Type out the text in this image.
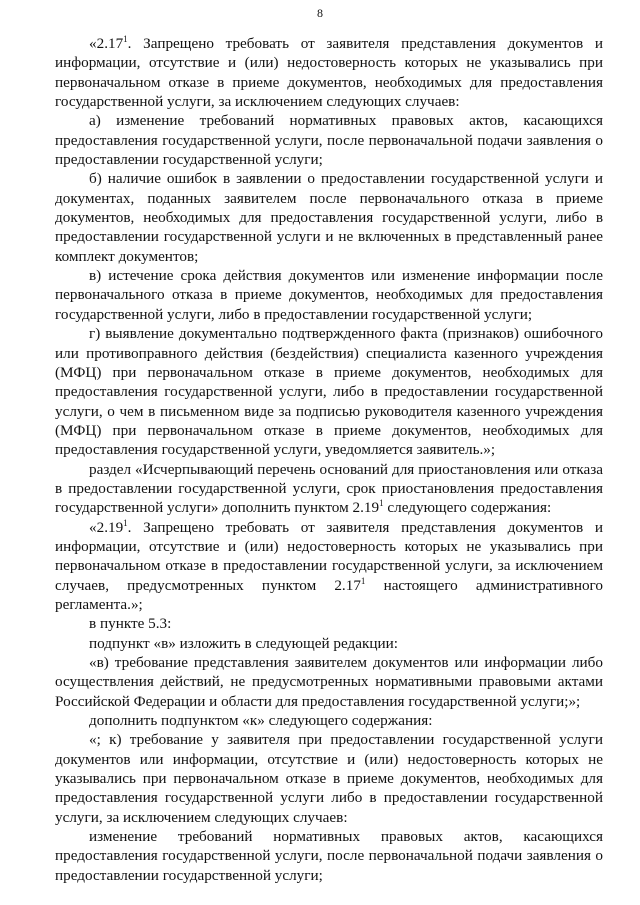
8

«2.17$^1$. Запрещено требовать от заявителя представления документов и информации, отсутствие и (или) недостоверность которых не указывались при первоначальном отказе в приеме документов, необходимых для предоставления государственной услуги, за исключением следующих случаев:

а) изменение требований нормативных правовых актов, касающихся предоставления государственной услуги, после первоначальной подачи заявления о предоставлении государственной услуги;

б) наличие ошибок в заявлении о предоставлении государственной услуги и документах, поданных заявителем после первоначального отказа в приеме документов, необходимых для предоставления государственной услуги, либо в предоставлении государственной услуги и не включенных в представленный ранее комплект документов;

в) истечение срока действия документов или изменение информации после первоначального отказа в приеме документов, необходимых для предоставления государственной услуги, либо в предоставлении государственной услуги;

г) выявление документально подтвержденного факта (признаков) ошибочного или противоправного действия (бездействия) специалиста казенного учреждения (МФЦ) при первоначальном отказе в приеме документов, необходимых для предоставления государственной услуги, либо в предоставлении государственной услуги, о чем в письменном виде за подписью руководителя казенного учреждения (МФЦ) при первоначальном отказе в приеме документов, необходимых для предоставления государственной услуги, уведомляется заявитель.»;

раздел «Исчерпывающий перечень оснований для приостановления или отказа в предоставлении государственной услуги, срок приостановления предоставления государственной услуги» дополнить пунктом 2.19$^1$ следующего содержания:

«2.19$^1$. Запрещено требовать от заявителя представления документов и информации, отсутствие и (или) недостоверность которых не указывались при первоначальном отказе в предоставлении государственной услуги, за исключением случаев, предусмотренных пунктом 2.17$^1$ настоящего административного регламента.»;

в пункте 5.3:

подпункт «в» изложить в следующей редакции:

«в) требование представления заявителем документов или информации либо осуществления действий, не предусмотренных нормативными правовыми актами Российской Федерации и области для предоставления государственной услуги;»;

дополнить подпунктом «к» следующего содержания:

«; к) требование у заявителя при предоставлении государственной услуги документов или информации, отсутствие и (или) недостоверность которых не указывались при первоначальном отказе в приеме документов, необходимых для предоставления государственной услуги либо в предоставлении государственной услуги, за исключением следующих случаев:

изменение требований нормативных правовых актов, касающихся предоставления государственной услуги, после первоначальной подачи заявления о предоставлении государственной услуги;
